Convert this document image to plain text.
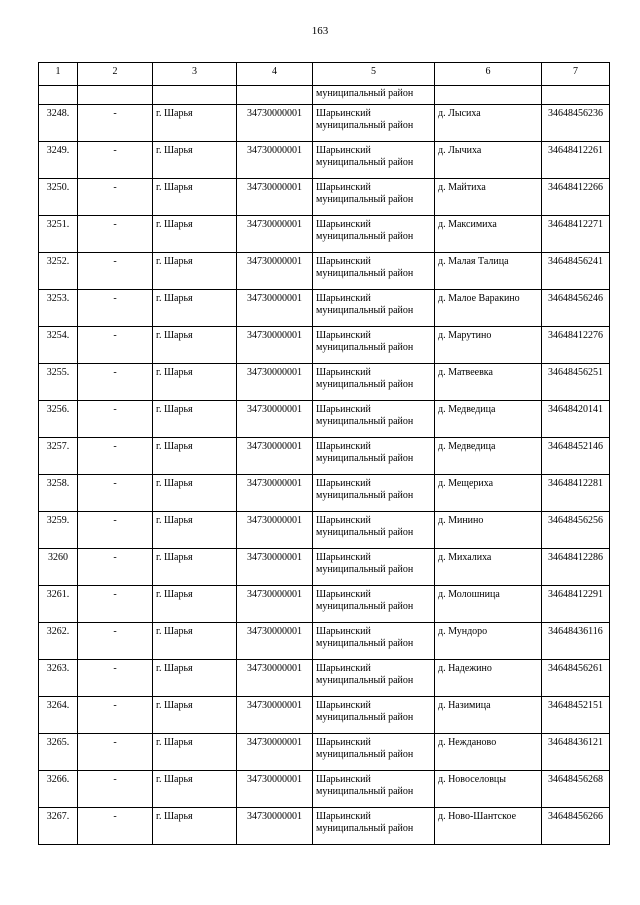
163
1	2	3	4	5	6	7
				муниципальный район		
3248.	-	г. Шарья	34730000001	Шарьинский муниципальный район	д. Лысиха	34648456236
3249.	-	г. Шарья	34730000001	Шарьинский муниципальный район	д. Лычиха	34648412261
3250.	-	г. Шарья	34730000001	Шарьинский муниципальный район	д. Майтиха	34648412266
3251.	-	г. Шарья	34730000001	Шарьинский муниципальный район	д. Максимиха	34648412271
3252.	-	г. Шарья	34730000001	Шарьинский муниципальный район	д. Малая Талица	34648456241
3253.	-	г. Шарья	34730000001	Шарьинский муниципальный район	д. Малое Варакино	34648456246
3254.	-	г. Шарья	34730000001	Шарьинский муниципальный район	д. Марутино	34648412276
3255.	-	г. Шарья	34730000001	Шарьинский муниципальный район	д. Матвеевка	34648456251
3256.	-	г. Шарья	34730000001	Шарьинский муниципальный район	д. Медведица	34648420141
3257.	-	г. Шарья	34730000001	Шарьинский муниципальный район	д. Медведица	34648452146
3258.	-	г. Шарья	34730000001	Шарьинский муниципальный район	д. Мещериха	34648412281
3259.	-	г. Шарья	34730000001	Шарьинский муниципальный район	д. Минино	34648456256
3260	-	г. Шарья	34730000001	Шарьинский муниципальный район	д. Михалиха	34648412286
3261.	-	г. Шарья	34730000001	Шарьинский муниципальный район	д. Молошница	34648412291
3262.	-	г. Шарья	34730000001	Шарьинский муниципальный район	д. Мундоро	34648436116
3263.	-	г. Шарья	34730000001	Шарьинский муниципальный район	д. Надежино	34648456261
3264.	-	г. Шарья	34730000001	Шарьинский муниципальный район	д. Назимица	34648452151
3265.	-	г. Шарья	34730000001	Шарьинский муниципальный район	д. Нежданово	34648436121
3266.	-	г. Шарья	34730000001	Шарьинский муниципальный район	д. Новоселовцы	34648456268
3267.	-	г. Шарья	34730000001	Шарьинский муниципальный район	д. Ново-Шантское	34648456266
